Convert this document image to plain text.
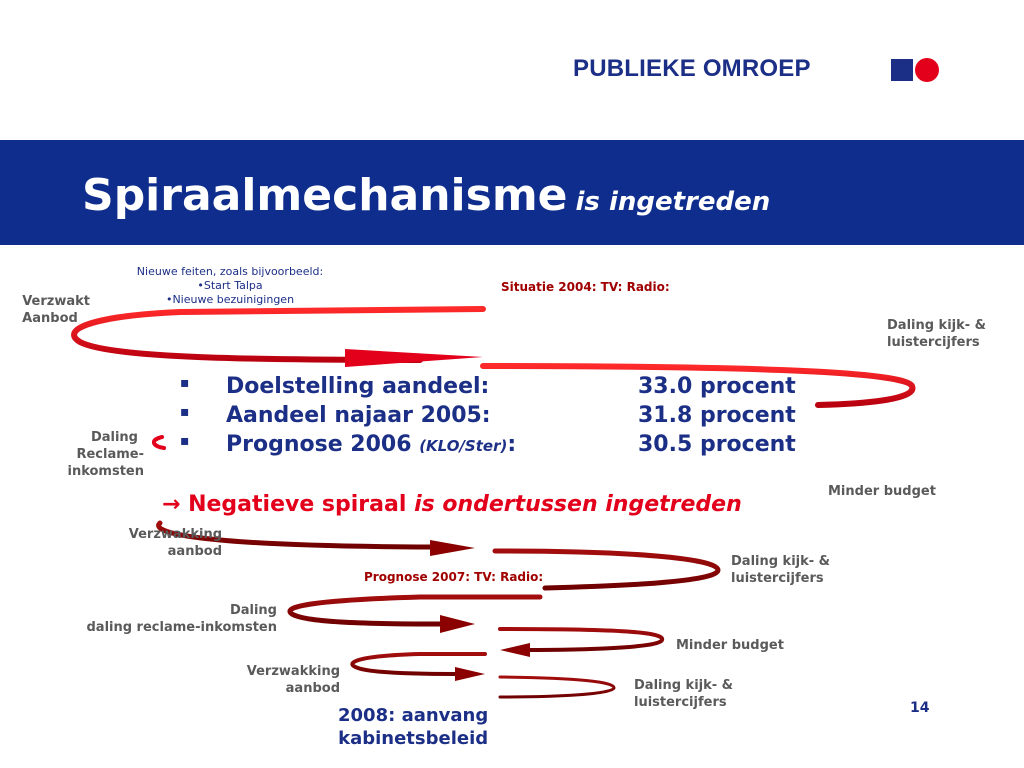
PUBLIEKE OMROEP
Spiraalmechanisme is ingetreden
Nieuwe feiten, zoals bijvoorbeeld:
•Start Talpa
•Nieuwe bezuinigingen
Situatie 2004: TV: Radio:
Verzwakt
Aanbod	Daling kijk- &
luistercijfers
Daling
Reclame-
inkomsten
Minder budget
▪ Doelstelling aandeel:	33.0 procent
▪ Aandeel najaar 2005:	31.8 procent
▪ Prognose 2006 (KLO/Ster):	30.5 procent
→ Negatieve spiraal is ondertussen ingetreden
Verzwakking
aanbod
Daling kijk- &
luistercijfers
Prognose 2007: TV: Radio:
Daling
daling reclame-inkomsten
Minder budget
Verzwakking
aanbod	Daling kijk- &
luistercijfers
2008: aanvang
kabinetsbeleid
14
